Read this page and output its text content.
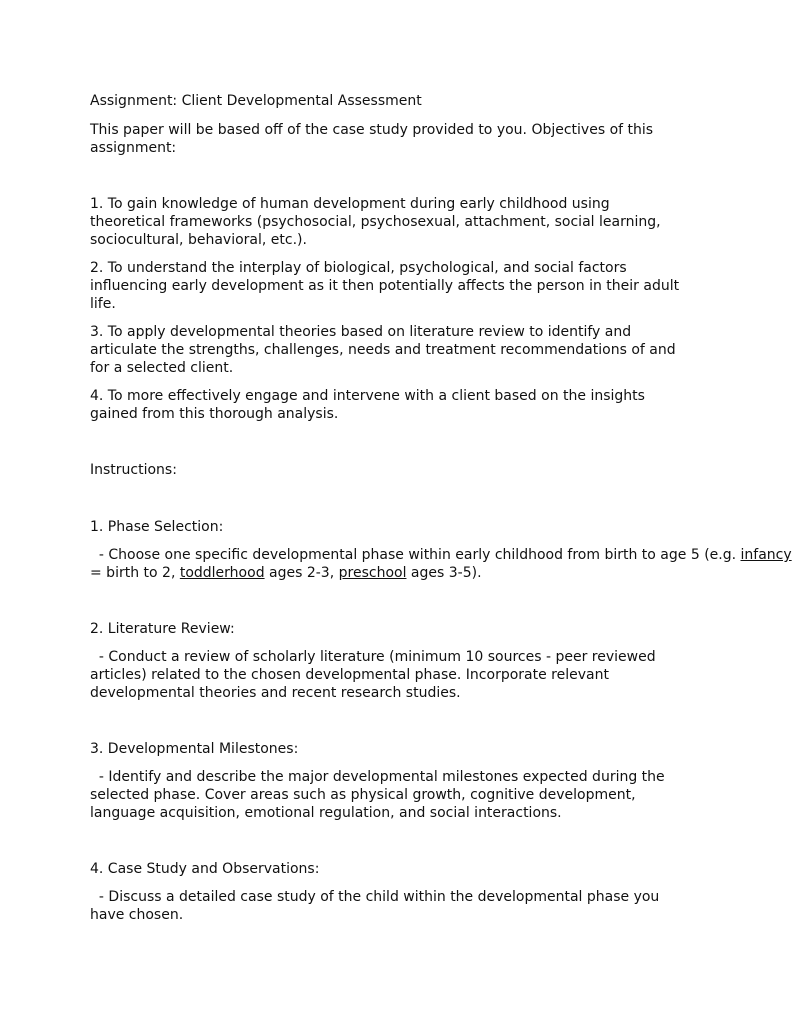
Assignment: Client Developmental Assessment

This paper will be based off of the case study provided to you. Objectives of this assignment:

1. To gain knowledge of human development during early childhood using theoretical frameworks (psychosocial, psychosexual, attachment, social learning, sociocultural, behavioral, etc.).

2. To understand the interplay of biological, psychological, and social factors influencing early development as it then potentially affects the person in their adult life.

3. To apply developmental theories based on literature review to identify and articulate the strengths, challenges, needs and treatment recommendations of and for a selected client.

4. To more effectively engage and intervene with a client based on the insights gained from this thorough analysis.

Instructions:

1. Phase Selection:

- Choose one specific developmental phase within early childhood from birth to age 5 (e.g. infancy = birth to 2, toddlerhood ages 2-3, preschool ages 3-5).

2. Literature Review:

- Conduct a review of scholarly literature (minimum 10 sources - peer reviewed articles) related to the chosen developmental phase. Incorporate relevant developmental theories and recent research studies.

3. Developmental Milestones:

- Identify and describe the major developmental milestones expected during the selected phase. Cover areas such as physical growth, cognitive development, language acquisition, emotional regulation, and social interactions.

4. Case Study and Observations:

- Discuss a detailed case study of the child within the developmental phase you have chosen.
